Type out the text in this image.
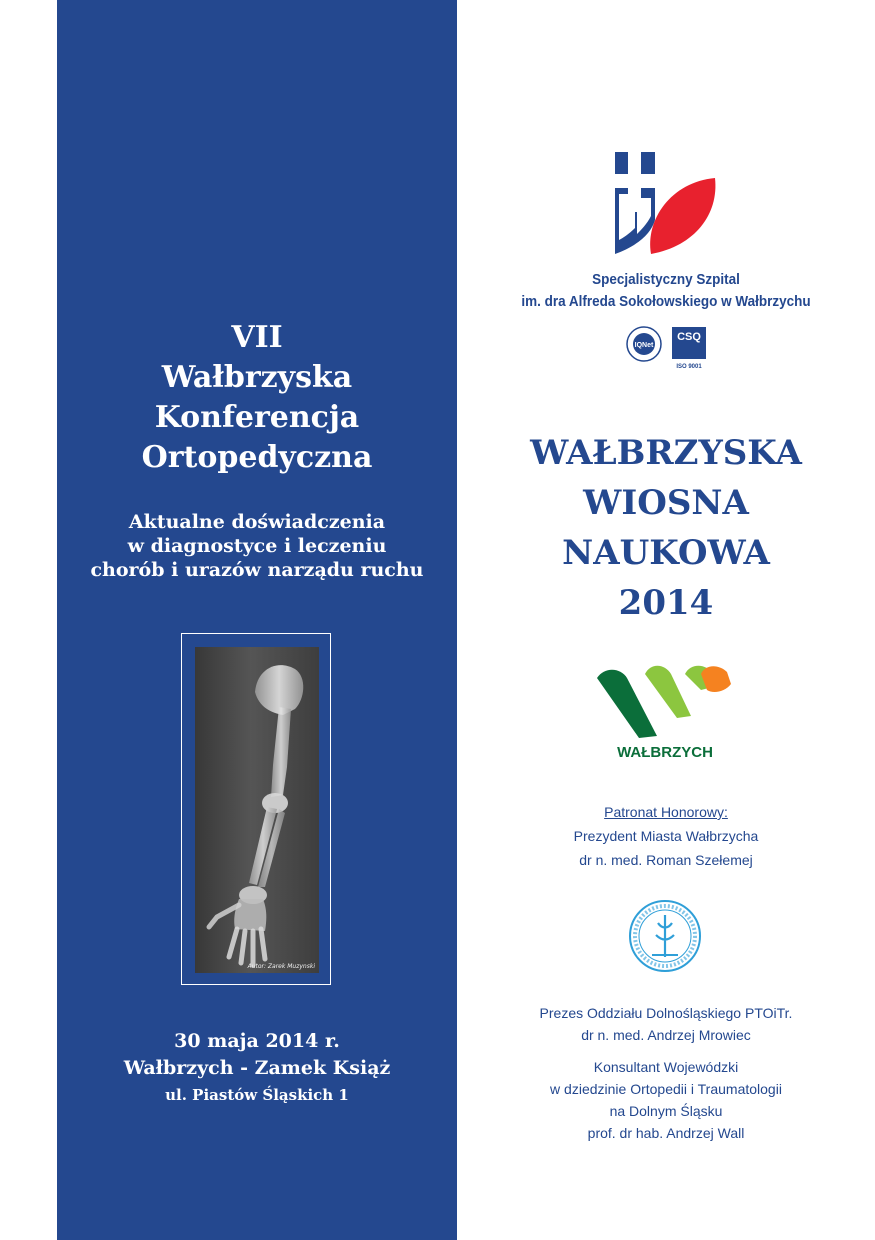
VII
Wałbrzyska
Konferencja
Ortopedyczna
Aktualne doświadczenia
w diagnostyce i leczeniu
chorób i urazów narządu ruchu
Autor: Zarek Muzynski
30 maja 2014 r.
Wałbrzych - Zamek Książ
ul. Piastów Śląskich 1
Specjalistyczny Szpital
im. dra Alfreda Sokołowskiego w Wałbrzychu
IQNet
CSQ
ISO 9001
WAŁBRZYSKA
WIOSNA
NAUKOWA
2014
WAŁBRZYCH
Patronat Honorowy:
Prezydent Miasta Wałbrzycha
dr n. med. Roman Szełemej
Prezes Oddziału Dolnośląskiego PTOiTr.
dr n. med. Andrzej Mrowiec
Konsultant Wojewódzki
w dziedzinie Ortopedii i Traumatologii
na Dolnym Śląsku
prof. dr hab. Andrzej Wall
